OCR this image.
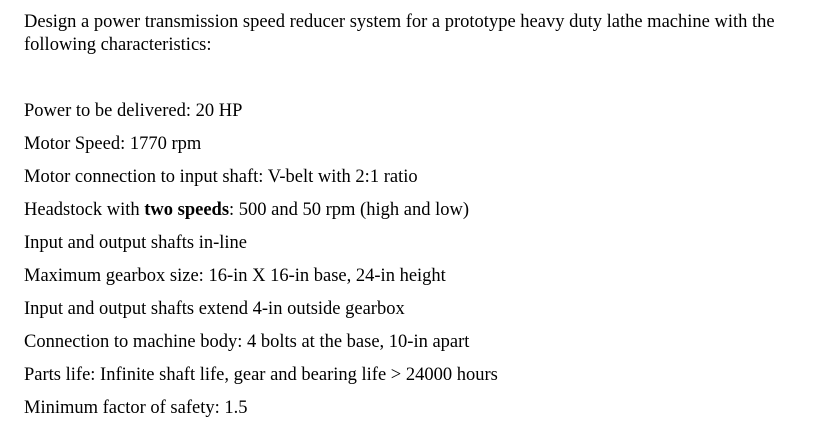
Design a power transmission speed reducer system for a prototype heavy duty lathe machine with the following characteristics:

Power to be delivered: 20 HP
Motor Speed: 1770 rpm
Motor connection to input shaft: V-belt with 2:1 ratio
Headstock with two speeds: 500 and 50 rpm (high and low)
Input and output shafts in-line
Maximum gearbox size: 16-in X 16-in base, 24-in height
Input and output shafts extend 4-in outside gearbox
Connection to machine body: 4 bolts at the base, 10-in apart
Parts life: Infinite shaft life, gear and bearing life > 24000 hours
Minimum factor of safety: 1.5
